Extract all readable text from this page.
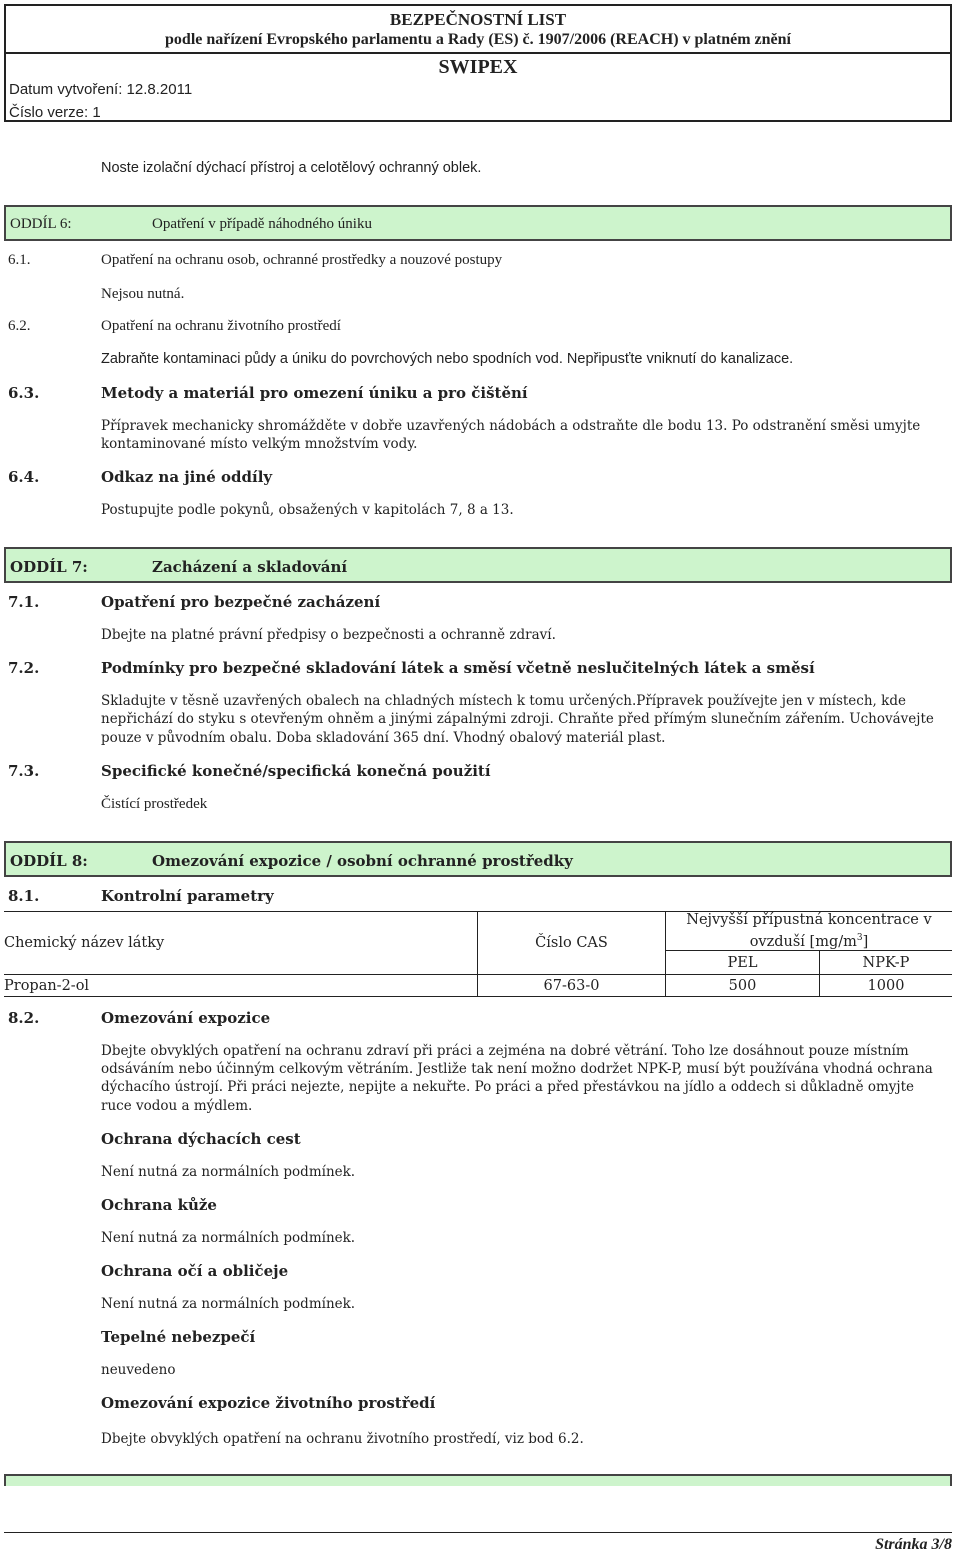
BEZPEČNOSTNÍ LIST
podle nařízení Evropského parlamentu a Rady (ES) č. 1907/2006 (REACH) v platném znění
SWIPEX
Datum vytvoření: 12.8.2011
Číslo verze: 1
Noste izolační dýchací přístroj a celotělový ochranný oblek.
ODDÍL 6:	Opatření v případě náhodného úniku
6.1.	Opatření na ochranu osob, ochranné prostředky a nouzové postupy
Nejsou nutná.
6.2.	Opatření na ochranu životního prostředí
Zabraňte kontaminaci půdy a úniku do povrchových nebo spodních vod. Nepřipusťte vniknutí do kanalizace.
6.3.	Metody a materiál pro omezení úniku a pro čištění
Přípravek mechanicky shromážděte v dobře uzavřených nádobách a odstraňte dle bodu 13. Po odstranění směsi umyjte
kontaminované místo velkým množstvím vody.
6.4.	Odkaz na jiné oddíly
Postupujte podle pokynů, obsažených v kapitolách 7, 8 a 13.
ODDÍL 7:	Zacházení a skladování
7.1.	Opatření pro bezpečné zacházení
Dbejte na platné právní předpisy o bezpečnosti a ochranně zdraví.
7.2.	Podmínky pro bezpečné skladování látek a směsí včetně neslučitelných látek a směsí
Skladujte v těsně uzavřených obalech na chladných místech k tomu určených.Přípravek používejte jen v místech, kde
nepřichází do styku s otevřeným ohněm a jinými zápalnými zdroji. Chraňte před přímým slunečním zářením. Uchovávejte
pouze v původním obalu. Doba skladování 365 dní. Vhodný obalový materiál plast.
7.3.	Specifické konečné/specifická konečná použití
Čistící prostředek
ODDÍL 8:	Omezování expozice / osobní ochranné prostředky
8.1.	Kontrolní parametry
Chemický název látky	Číslo CAS
Nejvyšší přípustná koncentrace v
ovzduší $[mg/m^3]$
PEL	NPK-P
Propan-2-ol	67-63-0	500	1000
8.2.	Omezování expozice
Dbejte obvyklých opatření na ochranu zdraví při práci a zejména na dobré větrání. Toho lze dosáhnout pouze místním
odsáváním nebo účinným celkovým větráním. Jestliže tak není možno dodržet NPK-P, musí být používána vhodná ochrana
dýchacího ústrojí. Při práci nejezte, nepijte a nekuřte. Po práci a před přestávkou na jídlo a oddech si důkladně omyjte
ruce vodou a mýdlem.
Ochrana dýchacích cest
Není nutná za normálních podmínek.
Ochrana kůže
Není nutná za normálních podmínek.
Ochrana očí a obličeje
Není nutná za normálních podmínek.
Tepelné nebezpečí
neuvedeno
Omezování expozice životního prostředí
Dbejte obvyklých opatření na ochranu životního prostředí, viz bod 6.2.
Stránka 3/8
